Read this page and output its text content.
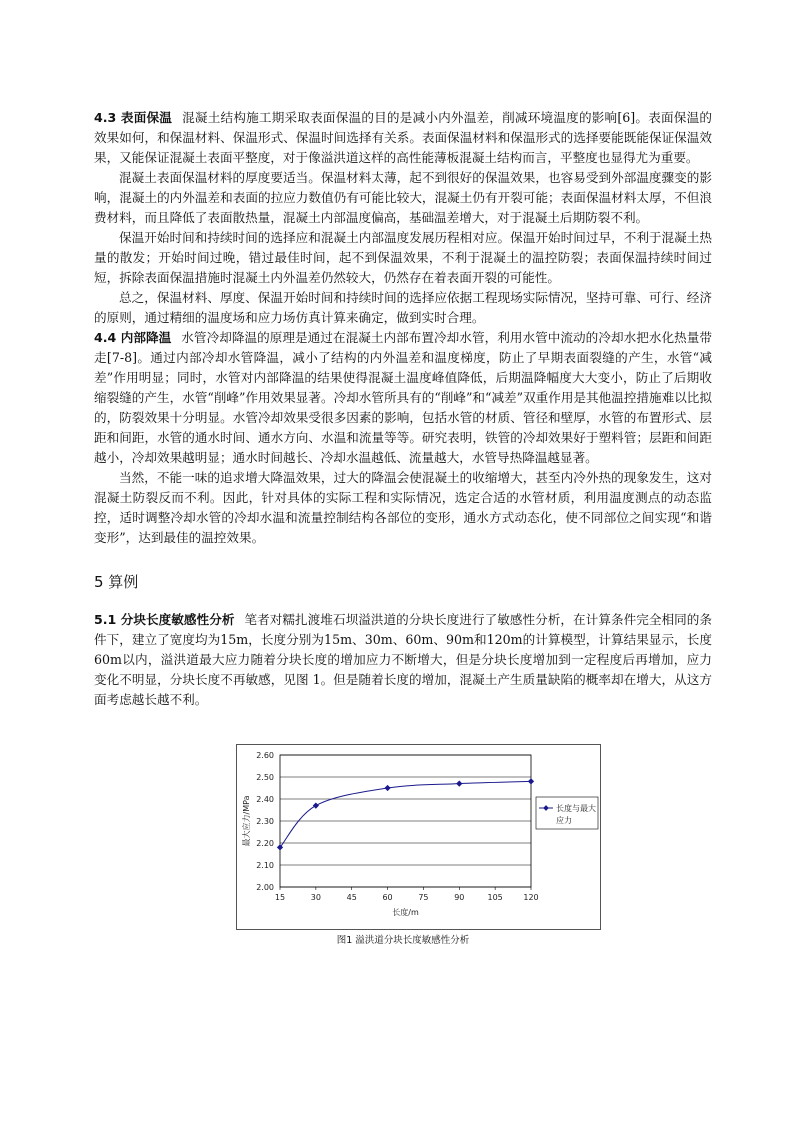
4.3 表面保温 混凝土结构施工期采取表面保温的目的是减小内外温差，削减环境温度的影响[6]。表面保温的效果如何，和保温材料、保温形式、保温时间选择有关系。表面保温材料和保温形式的选择要能既能保证保温效果，又能保证混凝土表面平整度，对于像溢洪道这样的高性能薄板混凝土结构而言，平整度也显得尤为重要。

混凝土表面保温材料的厚度要适当。保温材料太薄，起不到很好的保温效果，也容易受到外部温度骤变的影响，混凝土的内外温差和表面的拉应力数值仍有可能比较大，混凝土仍有开裂可能；表面保温材料太厚，不但浪费材料，而且降低了表面散热量，混凝土内部温度偏高，基础温差增大，对于混凝土后期防裂不利。

保温开始时间和持续时间的选择应和混凝土内部温度发展历程相对应。保温开始时间过早，不利于混凝土热量的散发；开始时间过晚，错过最佳时间，起不到保温效果，不利于混凝土的温控防裂；表面保温持续时间过短，拆除表面保温措施时混凝土内外温差仍然较大，仍然存在着表面开裂的可能性。

总之，保温材料、厚度、保温开始时间和持续时间的选择应依据工程现场实际情况，坚持可靠、可行、经济的原则，通过精细的温度场和应力场仿真计算来确定，做到实时合理。

4.4 内部降温 水管冷却降温的原理是通过在混凝土内部布置冷却水管，利用水管中流动的冷却水把水化热量带走[7-8]。通过内部冷却水管降温，减小了结构的内外温差和温度梯度，防止了早期表面裂缝的产生，水管“减差”作用明显；同时，水管对内部降温的结果使得混凝土温度峰值降低，后期温降幅度大大变小，防止了后期收缩裂缝的产生，水管“削峰”作用效果显著。冷却水管所具有的“削峰”和“减差”双重作用是其他温控措施难以比拟的，防裂效果十分明显。水管冷却效果受很多因素的影响，包括水管的材质、管径和壁厚，水管的布置形式、层距和间距，水管的通水时间、通水方向、水温和流量等等。研究表明，铁管的冷却效果好于塑料管；层距和间距越小，冷却效果越明显；通水时间越长、冷却水温越低、流量越大，水管导热降温越显著。

当然，不能一味的追求增大降温效果，过大的降温会使混凝土的收缩增大，甚至内冷外热的现象发生，这对混凝土防裂反而不利。因此，针对具体的实际工程和实际情况，选定合适的水管材质，利用温度测点的动态监控，适时调整冷却水管的冷却水温和流量控制结构各部位的变形，通水方式动态化，使不同部位之间实现“和谐变形”，达到最佳的温控效果。

5 算例

5.1 分块长度敏感性分析 笔者对糯扎渡堆石坝溢洪道的分块长度进行了敏感性分析，在计算条件完全相同的条件下，建立了宽度均为15m，长度分别为15m、30m、60m、90m和120m的计算模型，计算结果显示，长度60m以内，溢洪道最大应力随着分块长度的增加应力不断增大，但是分块长度增加到一定程度后再增加，应力变化不明显，分块长度不再敏感，见图 1。但是随着长度的增加，混凝土产生质量缺陷的概率却在增大，从这方面考虑越长越不利。

2.00
2.10
2.20
2.30
2.40
2.50
2.60
15	30	45	60	75	90	105	120
长度/m
最大应力/MPa	长度与最大
应力
图1 溢洪道分块长度敏感性分析
